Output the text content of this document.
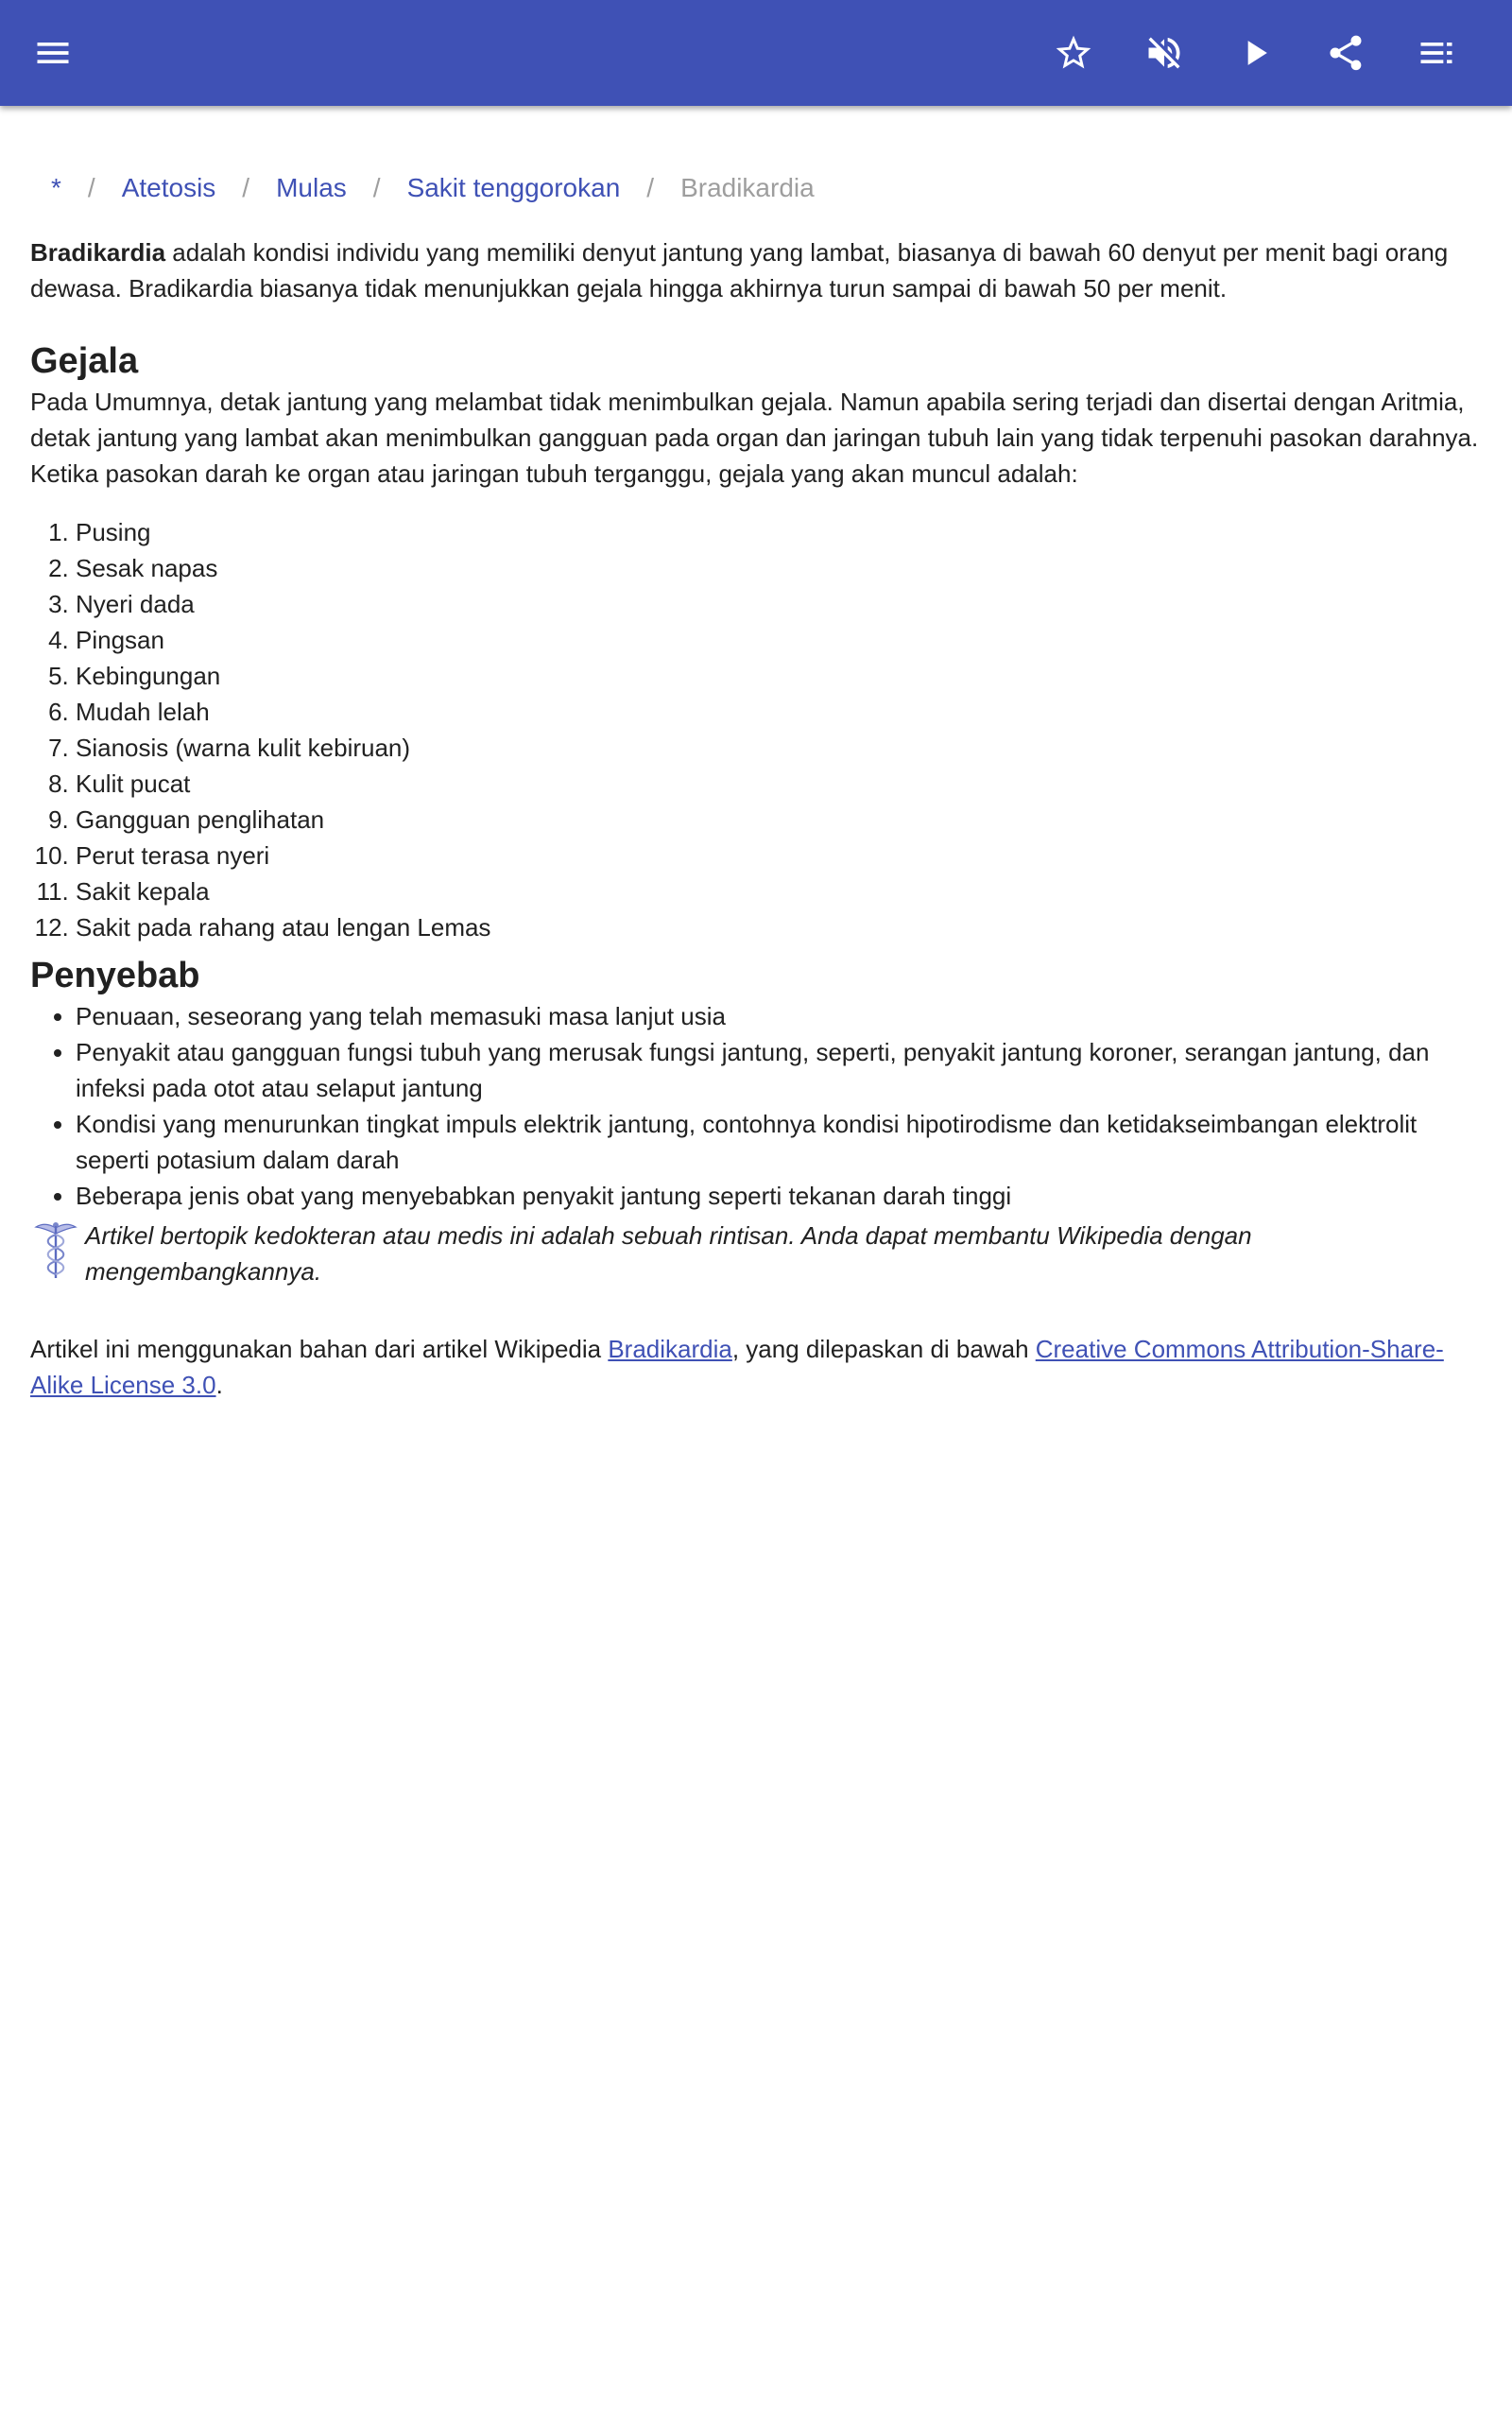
* / Atetosis / Mulas / Sakit tenggorokan / Bradikardia

Bradikardia adalah kondisi individu yang memiliki denyut jantung yang lambat, biasanya di bawah 60 denyut per menit bagi orang dewasa. Bradikardia biasanya tidak menunjukkan gejala hingga akhirnya turun sampai di bawah 50 per menit.

Gejala

Pada Umumnya, detak jantung yang melambat tidak menimbulkan gejala. Namun apabila sering terjadi dan disertai dengan Aritmia, detak jantung yang lambat akan menimbulkan gangguan pada organ dan jaringan tubuh lain yang tidak terpenuhi pasokan darahnya. Ketika pasokan darah ke organ atau jaringan tubuh terganggu, gejala yang akan muncul adalah:

1. Pusing
2. Sesak napas
3. Nyeri dada
4. Pingsan
5. Kebingungan
6. Mudah lelah
7. Sianosis (warna kulit kebiruan)
8. Kulit pucat
9. Gangguan penglihatan
10. Perut terasa nyeri
11. Sakit kepala
12. Sakit pada rahang atau lengan Lemas
Penyebab
• Penuaan, seseorang yang telah memasuki masa lanjut usia
• Penyakit atau gangguan fungsi tubuh yang merusak fungsi jantung, seperti, penyakit jantung koroner, serangan jantung, dan infeksi pada otot atau selaput jantung
• Kondisi yang menurunkan tingkat impuls elektrik jantung, contohnya kondisi hipotirodisme dan ketidakseimbangan elektrolit seperti potasium dalam darah
• Beberapa jenis obat yang menyebabkan penyakit jantung seperti tekanan darah tinggi
Artikel bertopik kedokteran atau medis ini adalah sebuah rintisan. Anda dapat membantu Wikipedia dengan mengembangkannya.

Artikel ini menggunakan bahan dari artikel Wikipedia Bradikardia, yang dilepaskan di bawah Creative Commons Attribution-Share-Alike License 3.0.
